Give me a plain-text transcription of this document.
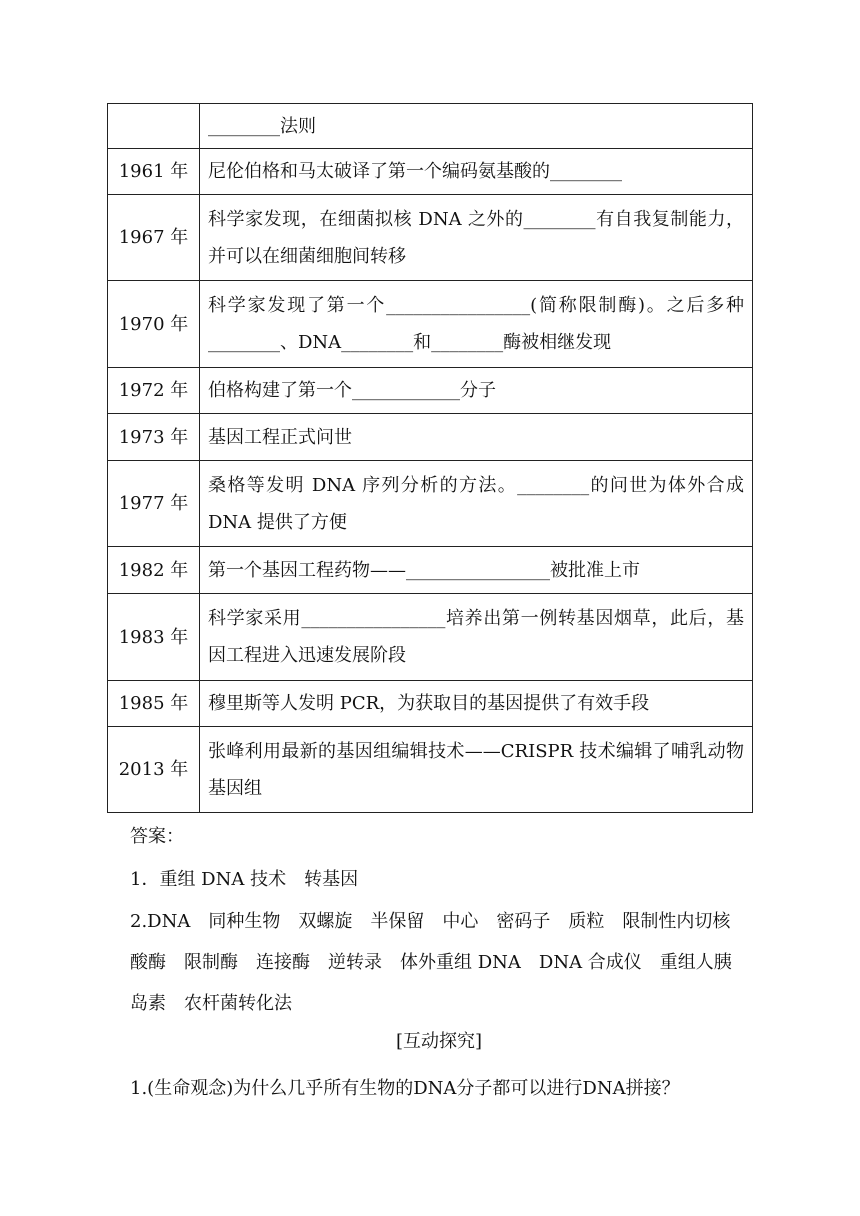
	________法则
1961 年	尼伦伯格和马太破译了第一个编码氨基酸的________
1967 年	科学家发现，在细菌拟核 DNA 之外的________有自我复制能力，并可以在细菌细胞间转移
1970 年	科学家发现了第一个________________(简称限制酶)。之后多种________、DNA________和________酶被相继发现
1972 年	伯格构建了第一个____________分子
1973 年	基因工程正式问世
1977 年	桑格等发明 DNA 序列分析的方法。________的问世为体外合成 DNA 提供了方便
1982 年	第一个基因工程药物——________________被批准上市
1983 年	科学家采用________________培养出第一例转基因烟草，此后，基因工程进入迅速发展阶段
1985 年	穆里斯等人发明 PCR，为获取目的基因提供了有效手段
2013 年	张峰利用最新的基因组编辑技术——CRISPR 技术编辑了哺乳动物基因组

答案：

1．重组 DNA 技术　转基因

2.DNA　同种生物　双螺旋　半保留　中心　密码子　质粒　限制性内切核酸酶　限制酶　连接酶　逆转录　体外重组 DNA　DNA 合成仪　重组人胰岛素　农杆菌转化法

[互动探究]
1.(生命观念)为什么几乎所有生物的DNA分子都可以进行DNA拼接？
